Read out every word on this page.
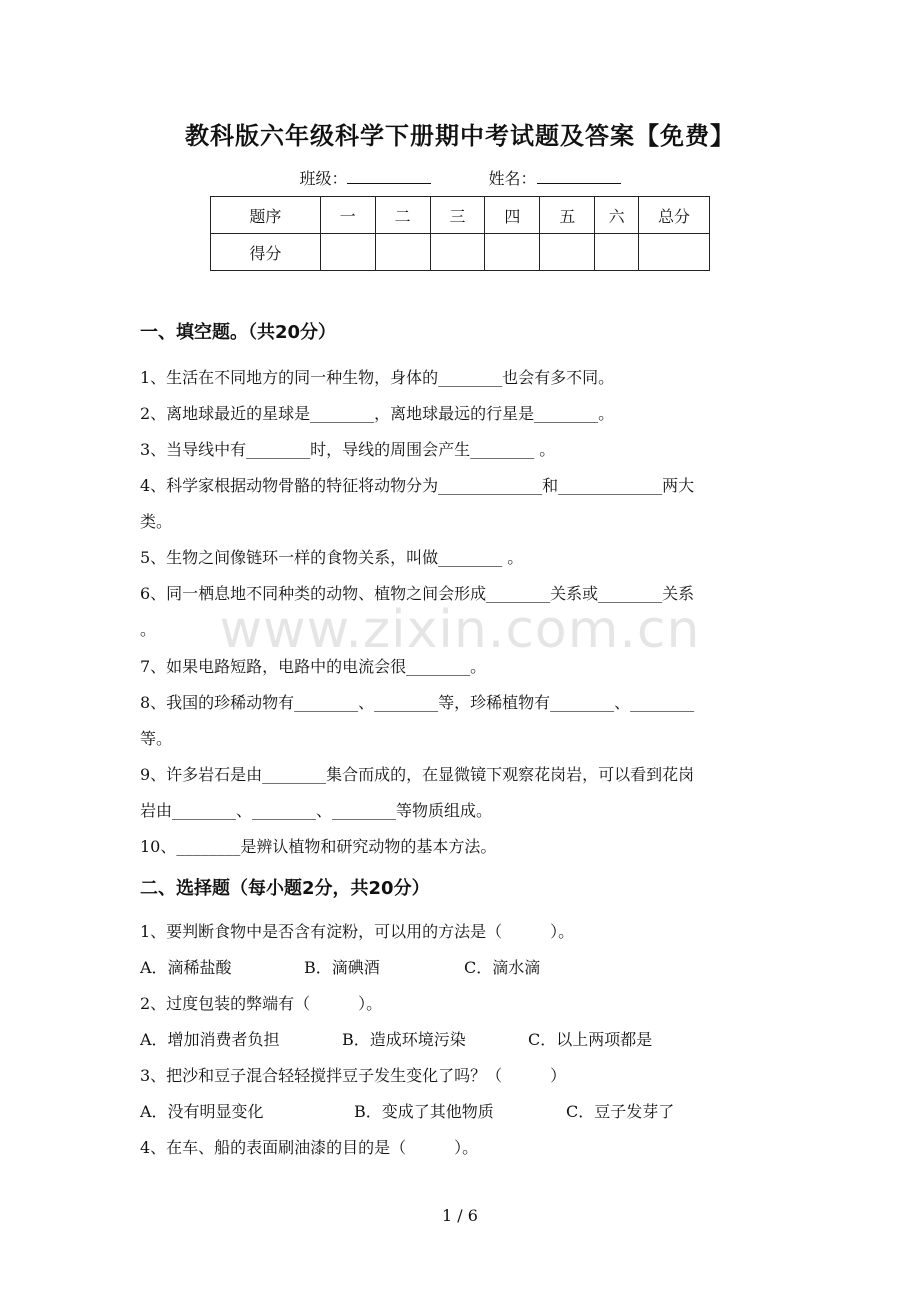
教科版六年级科学下册期中考试题及答案【免费】
班级：	姓名：
题序	一	二	三	四	五	六	总分
得分							
一、填空题。（共20分）
1、生活在不同地方的同一种生物，身体的________也会有多不同。
2、离地球最近的星球是________，离地球最远的行星是________。
3、当导线中有________时，导线的周围会产生________ 。
4、科学家根据动物骨骼的特征将动物分为_____________和_____________两大
类。
5、生物之间像链环一样的食物关系，叫做________ 。
6、同一栖息地不同种类的动物、植物之间会形成________关系或________关系
。
7、如果电路短路，电路中的电流会很________。
8、我国的珍稀动物有________、________等，珍稀植物有________、________
等。
9、许多岩石是由________集合而成的，在显微镜下观察花岗岩，可以看到花岗
岩由________、________、________等物质组成。
10、________是辨认植物和研究动物的基本方法。
二、选择题（每小题2分，共20分）
1、要判断食物中是否含有淀粉，可以用的方法是（　　　）。
A．滴稀盐酸	B．滴碘酒	C．滴水滴
2、过度包装的弊端有（　　　）。
A．增加消费者负担	B．造成环境污染	C．以上两项都是
3、把沙和豆子混合轻轻搅拌豆子发生变化了吗？（　　　）
A．没有明显变化	B．变成了其他物质	C．豆子发芽了
4、在车、船的表面刷油漆的目的是（　　　）。
www.zixin.com.cn
1 / 6
